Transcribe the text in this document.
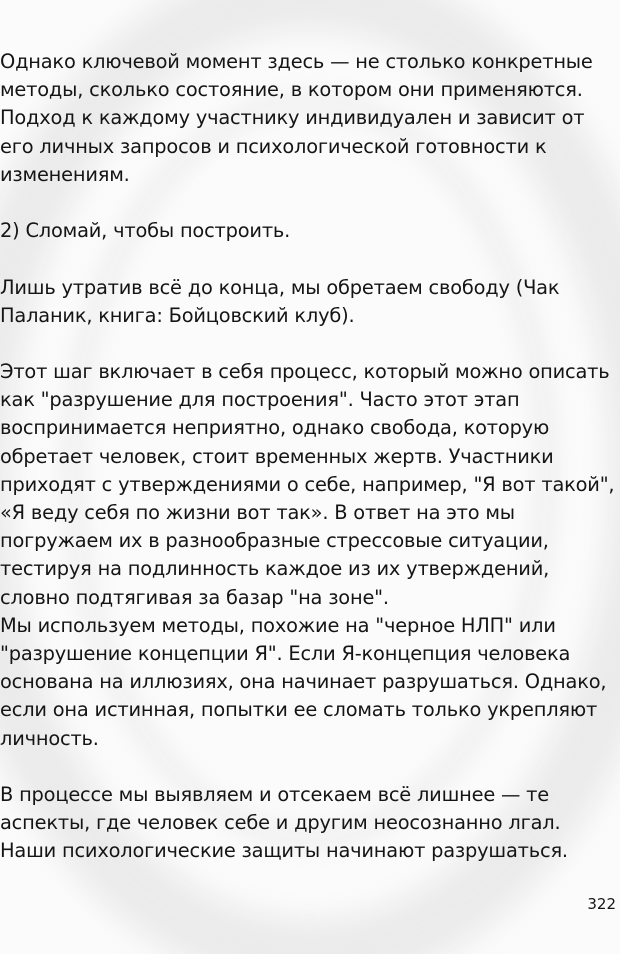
Однако ключевой момент здесь — не столько конкретные
методы, сколько состояние, в котором они применяются.
Подход к каждому участнику индивидуален и зависит от
его личных запросов и психологической готовности к
изменениям.
2) Сломай, чтобы построить.
Лишь утратив всё до конца, мы обретаем свободу (Чак
Паланик, книга: Бойцовский клуб).
Этот шаг включает в себя процесс, который можно описать
как "разрушение для построения". Часто этот этап
воспринимается неприятно, однако свобода, которую
обретает человек, стоит временных жертв. Участники
приходят с утверждениями о себе, например, "Я вот такой",
«Я веду себя по жизни вот так». В ответ на это мы
погружаем их в разнообразные стрессовые ситуации,
тестируя на подлинность каждое из их утверждений,
словно подтягивая за базар "на зоне".
Мы используем методы, похожие на "черное НЛП" или
"разрушение концепции Я". Если Я-концепция человека
основана на иллюзиях, она начинает разрушаться. Однако,
если она истинная, попытки ее сломать только укрепляют
личность.
В процессе мы выявляем и отсекаем всё лишнее — те
аспекты, где человек себе и другим неосознанно лгал.
Наши психологические защиты начинают разрушаться.
322
